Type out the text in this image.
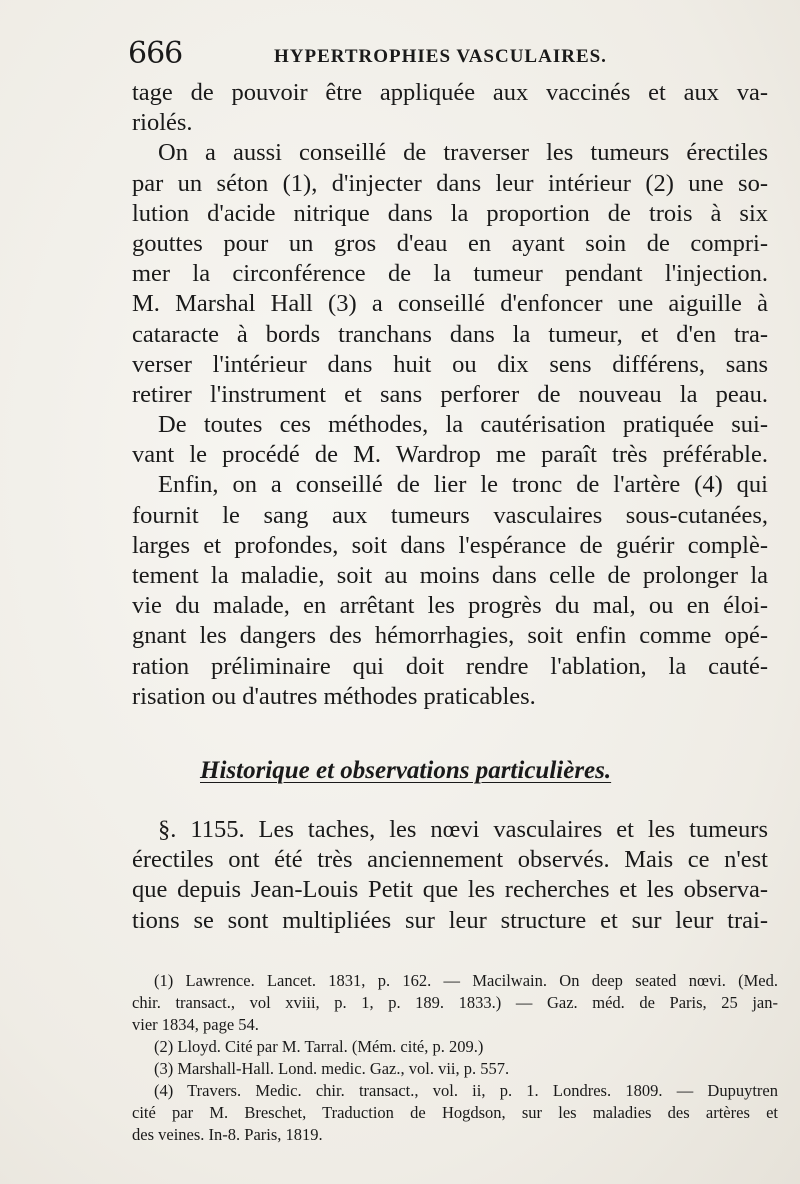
666	HYPERTROPHIES VASCULAIRES.
tage de pouvoir être appliquée aux vaccinés et aux va-
riolés.
On a aussi conseillé de traverser les tumeurs érectiles
par un séton (1), d'injecter dans leur intérieur (2) une so-
lution d'acide nitrique dans la proportion de trois à six
gouttes pour un gros d'eau en ayant soin de compri-
mer la circonférence de la tumeur pendant l'injection.
M. Marshal Hall (3) a conseillé d'enfoncer une aiguille à
cataracte à bords tranchans dans la tumeur, et d'en tra-
verser l'intérieur dans huit ou dix sens différens, sans
retirer l'instrument et sans perforer de nouveau la peau.
De toutes ces méthodes, la cautérisation pratiquée sui-
vant le procédé de M. Wardrop me paraît très préférable.
Enfin, on a conseillé de lier le tronc de l'artère (4) qui
fournit le sang aux tumeurs vasculaires sous-cutanées,
larges et profondes, soit dans l'espérance de guérir complè-
tement la maladie, soit au moins dans celle de prolonger la
vie du malade, en arrêtant les progrès du mal, ou en éloi-
gnant les dangers des hémorrhagies, soit enfin comme opé-
ration préliminaire qui doit rendre l'ablation, la cauté-
risation ou d'autres méthodes praticables.
Historique et observations particulières.
§. 1155. Les taches, les nœvi vasculaires et les tumeurs
érectiles ont été très anciennement observés. Mais ce n'est
que depuis Jean-Louis Petit que les recherches et les observa-
tions se sont multipliées sur leur structure et sur leur trai-
(1) Lawrence. Lancet. 1831, p. 162. — Macilwain. On deep seated nœvi. (Med.
chir. transact., vol xviii, p. 1, p. 189. 1833.) — Gaz. méd. de Paris, 25 jan-
vier 1834, page 54.
(2) Lloyd. Cité par M. Tarral. (Mém. cité, p. 209.)
(3) Marshall-Hall. Lond. medic. Gaz., vol. vii, p. 557.
(4) Travers. Medic. chir. transact., vol. ii, p. 1. Londres. 1809. — Dupuytren
cité par M. Breschet, Traduction de Hogdson, sur les maladies des artères et
des veines. In-8. Paris, 1819.
